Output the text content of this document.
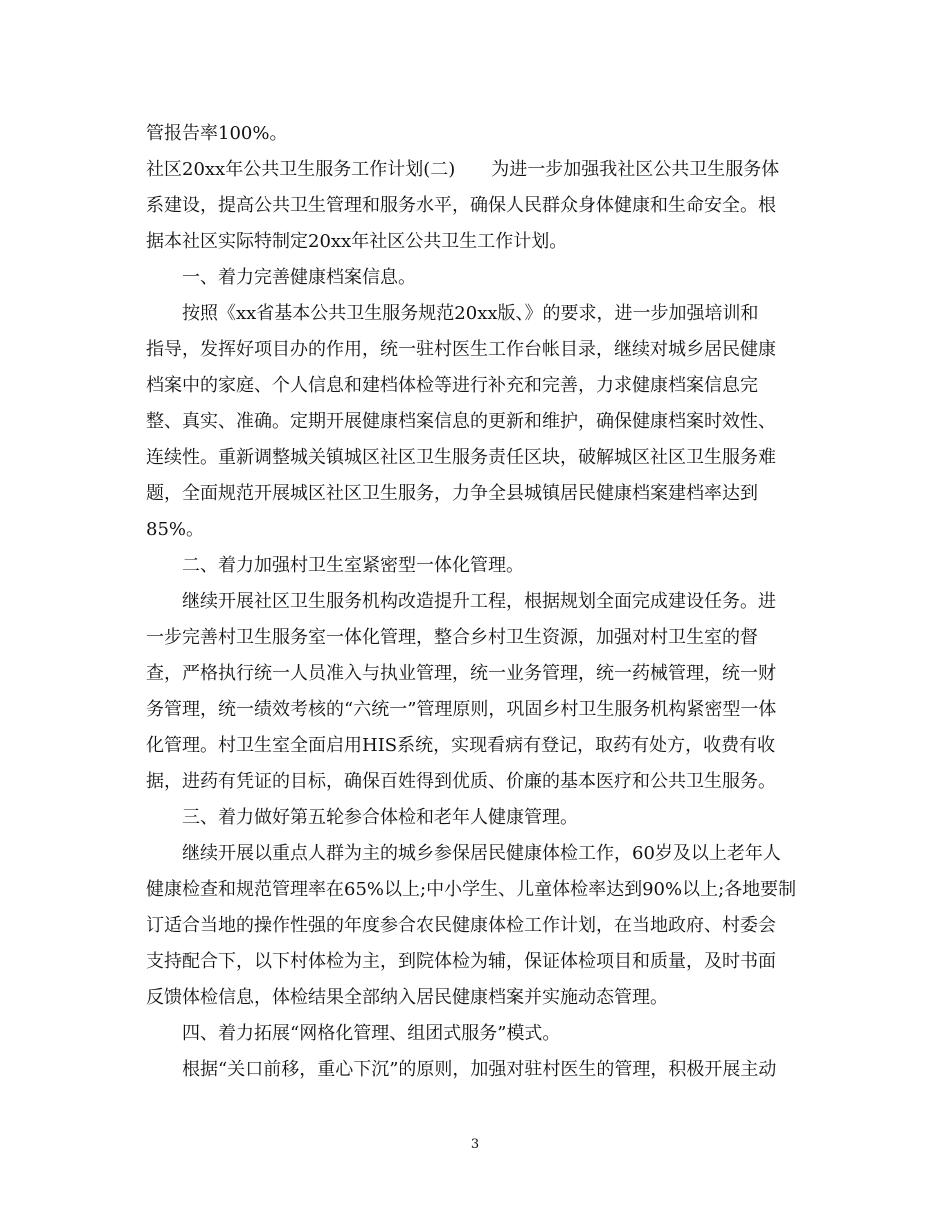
管报告率100%。
社区20xx年公共卫生服务工作计划(二)　　为进一步加强我社区公共卫生服务体
系建设，提高公共卫生管理和服务水平，确保人民群众身体健康和生命安全。根
据本社区实际特制定20xx年社区公共卫生工作计划。
一、着力完善健康档案信息。
按照《xx省基本公共卫生服务规范20xx版、》的要求，进一步加强培训和
指导，发挥好项目办的作用，统一驻村医生工作台帐目录，继续对城乡居民健康
档案中的家庭、个人信息和建档体检等进行补充和完善，力求健康档案信息完
整、真实、准确。定期开展健康档案信息的更新和维护，确保健康档案时效性、
连续性。重新调整城关镇城区社区卫生服务责任区块，破解城区社区卫生服务难
题，全面规范开展城区社区卫生服务，力争全县城镇居民健康档案建档率达到
85%。
二、着力加强村卫生室紧密型一体化管理。
继续开展社区卫生服务机构改造提升工程，根据规划全面完成建设任务。进
一步完善村卫生服务室一体化管理，整合乡村卫生资源，加强对村卫生室的督
查，严格执行统一人员准入与执业管理，统一业务管理，统一药械管理，统一财
务管理，统一绩效考核的“六统一”管理原则，巩固乡村卫生服务机构紧密型一体
化管理。村卫生室全面启用HIS系统，实现看病有登记，取药有处方，收费有收
据，进药有凭证的目标，确保百姓得到优质、价廉的基本医疗和公共卫生服务。
三、着力做好第五轮参合体检和老年人健康管理。
继续开展以重点人群为主的城乡参保居民健康体检工作，60岁及以上老年人
健康检查和规范管理率在65%以上;中小学生、儿童体检率达到90%以上;各地要制
订适合当地的操作性强的年度参合农民健康体检工作计划，在当地政府、村委会
支持配合下，以下村体检为主，到院体检为辅，保证体检项目和质量，及时书面
反馈体检信息，体检结果全部纳入居民健康档案并实施动态管理。
四、着力拓展“网格化管理、组团式服务”模式。
根据“关口前移，重心下沉”的原则，加强对驻村医生的管理，积极开展主动
3
